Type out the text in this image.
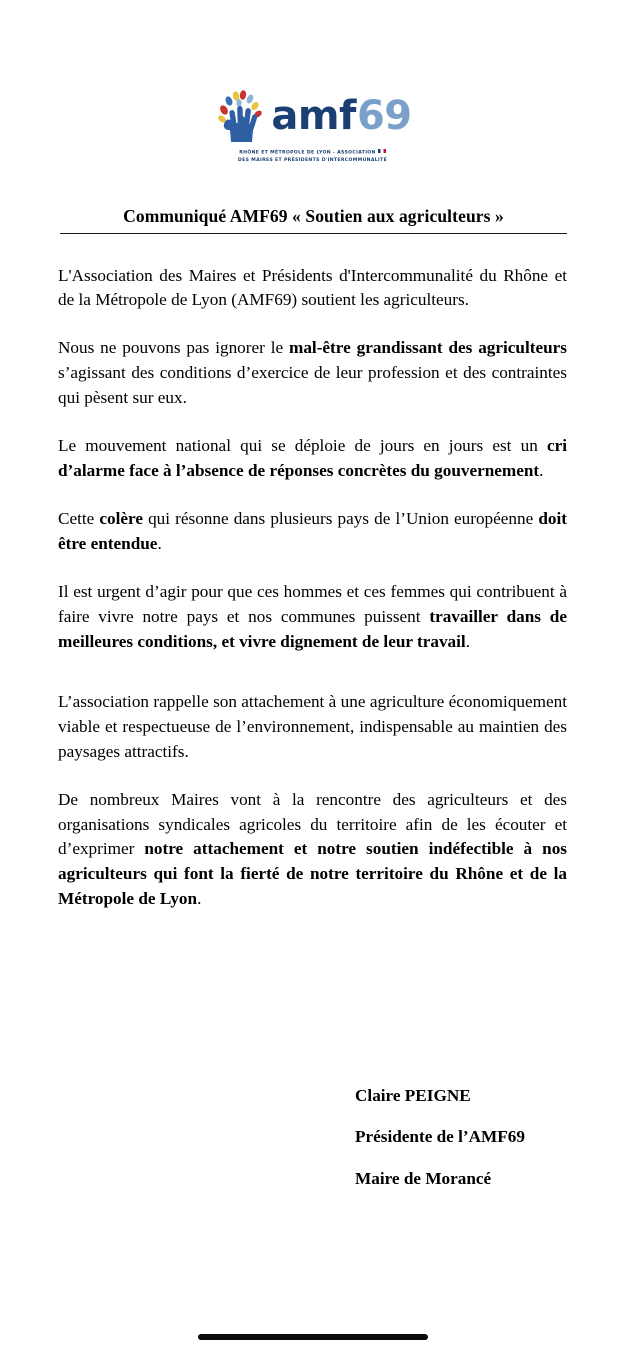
amf 69
RHÔNE ET MÉTROPOLE DE LYON - ASSOCIATION
DES MAIRES ET PRÉSIDENTS D'INTERCOMMUNALITÉ
Communiqué AMF69 « Soutien aux agriculteurs »

L'Association des Maires et Présidents d'Intercommunalité du Rhône et de la Métropole de Lyon (AMF69) soutient les agriculteurs.

Nous ne pouvons pas ignorer le mal-être grandissant des agriculteurs s’agissant des conditions d’exercice de leur profession et des contraintes qui pèsent sur eux.

Le mouvement national qui se déploie de jours en jours est un cri d’alarme face à l’absence de réponses concrètes du gouvernement.

Cette colère qui résonne dans plusieurs pays de l’Union européenne doit être entendue.

Il est urgent d’agir pour que ces hommes et ces femmes qui contribuent à faire vivre notre pays et nos communes puissent travailler dans de meilleures conditions, et vivre dignement de leur travail.

L’association rappelle son attachement à une agriculture économiquement viable et respectueuse de l’environnement, indispensable au maintien des paysages attractifs.

De nombreux Maires vont à la rencontre des agriculteurs et des organisations syndicales agricoles du territoire afin de les écouter et d’exprimer notre attachement et notre soutien indéfectible à nos agriculteurs qui font la fierté de notre territoire du Rhône et de la Métropole de Lyon.

Claire PEIGNE
Présidente de l’AMF69
Maire de Morancé
